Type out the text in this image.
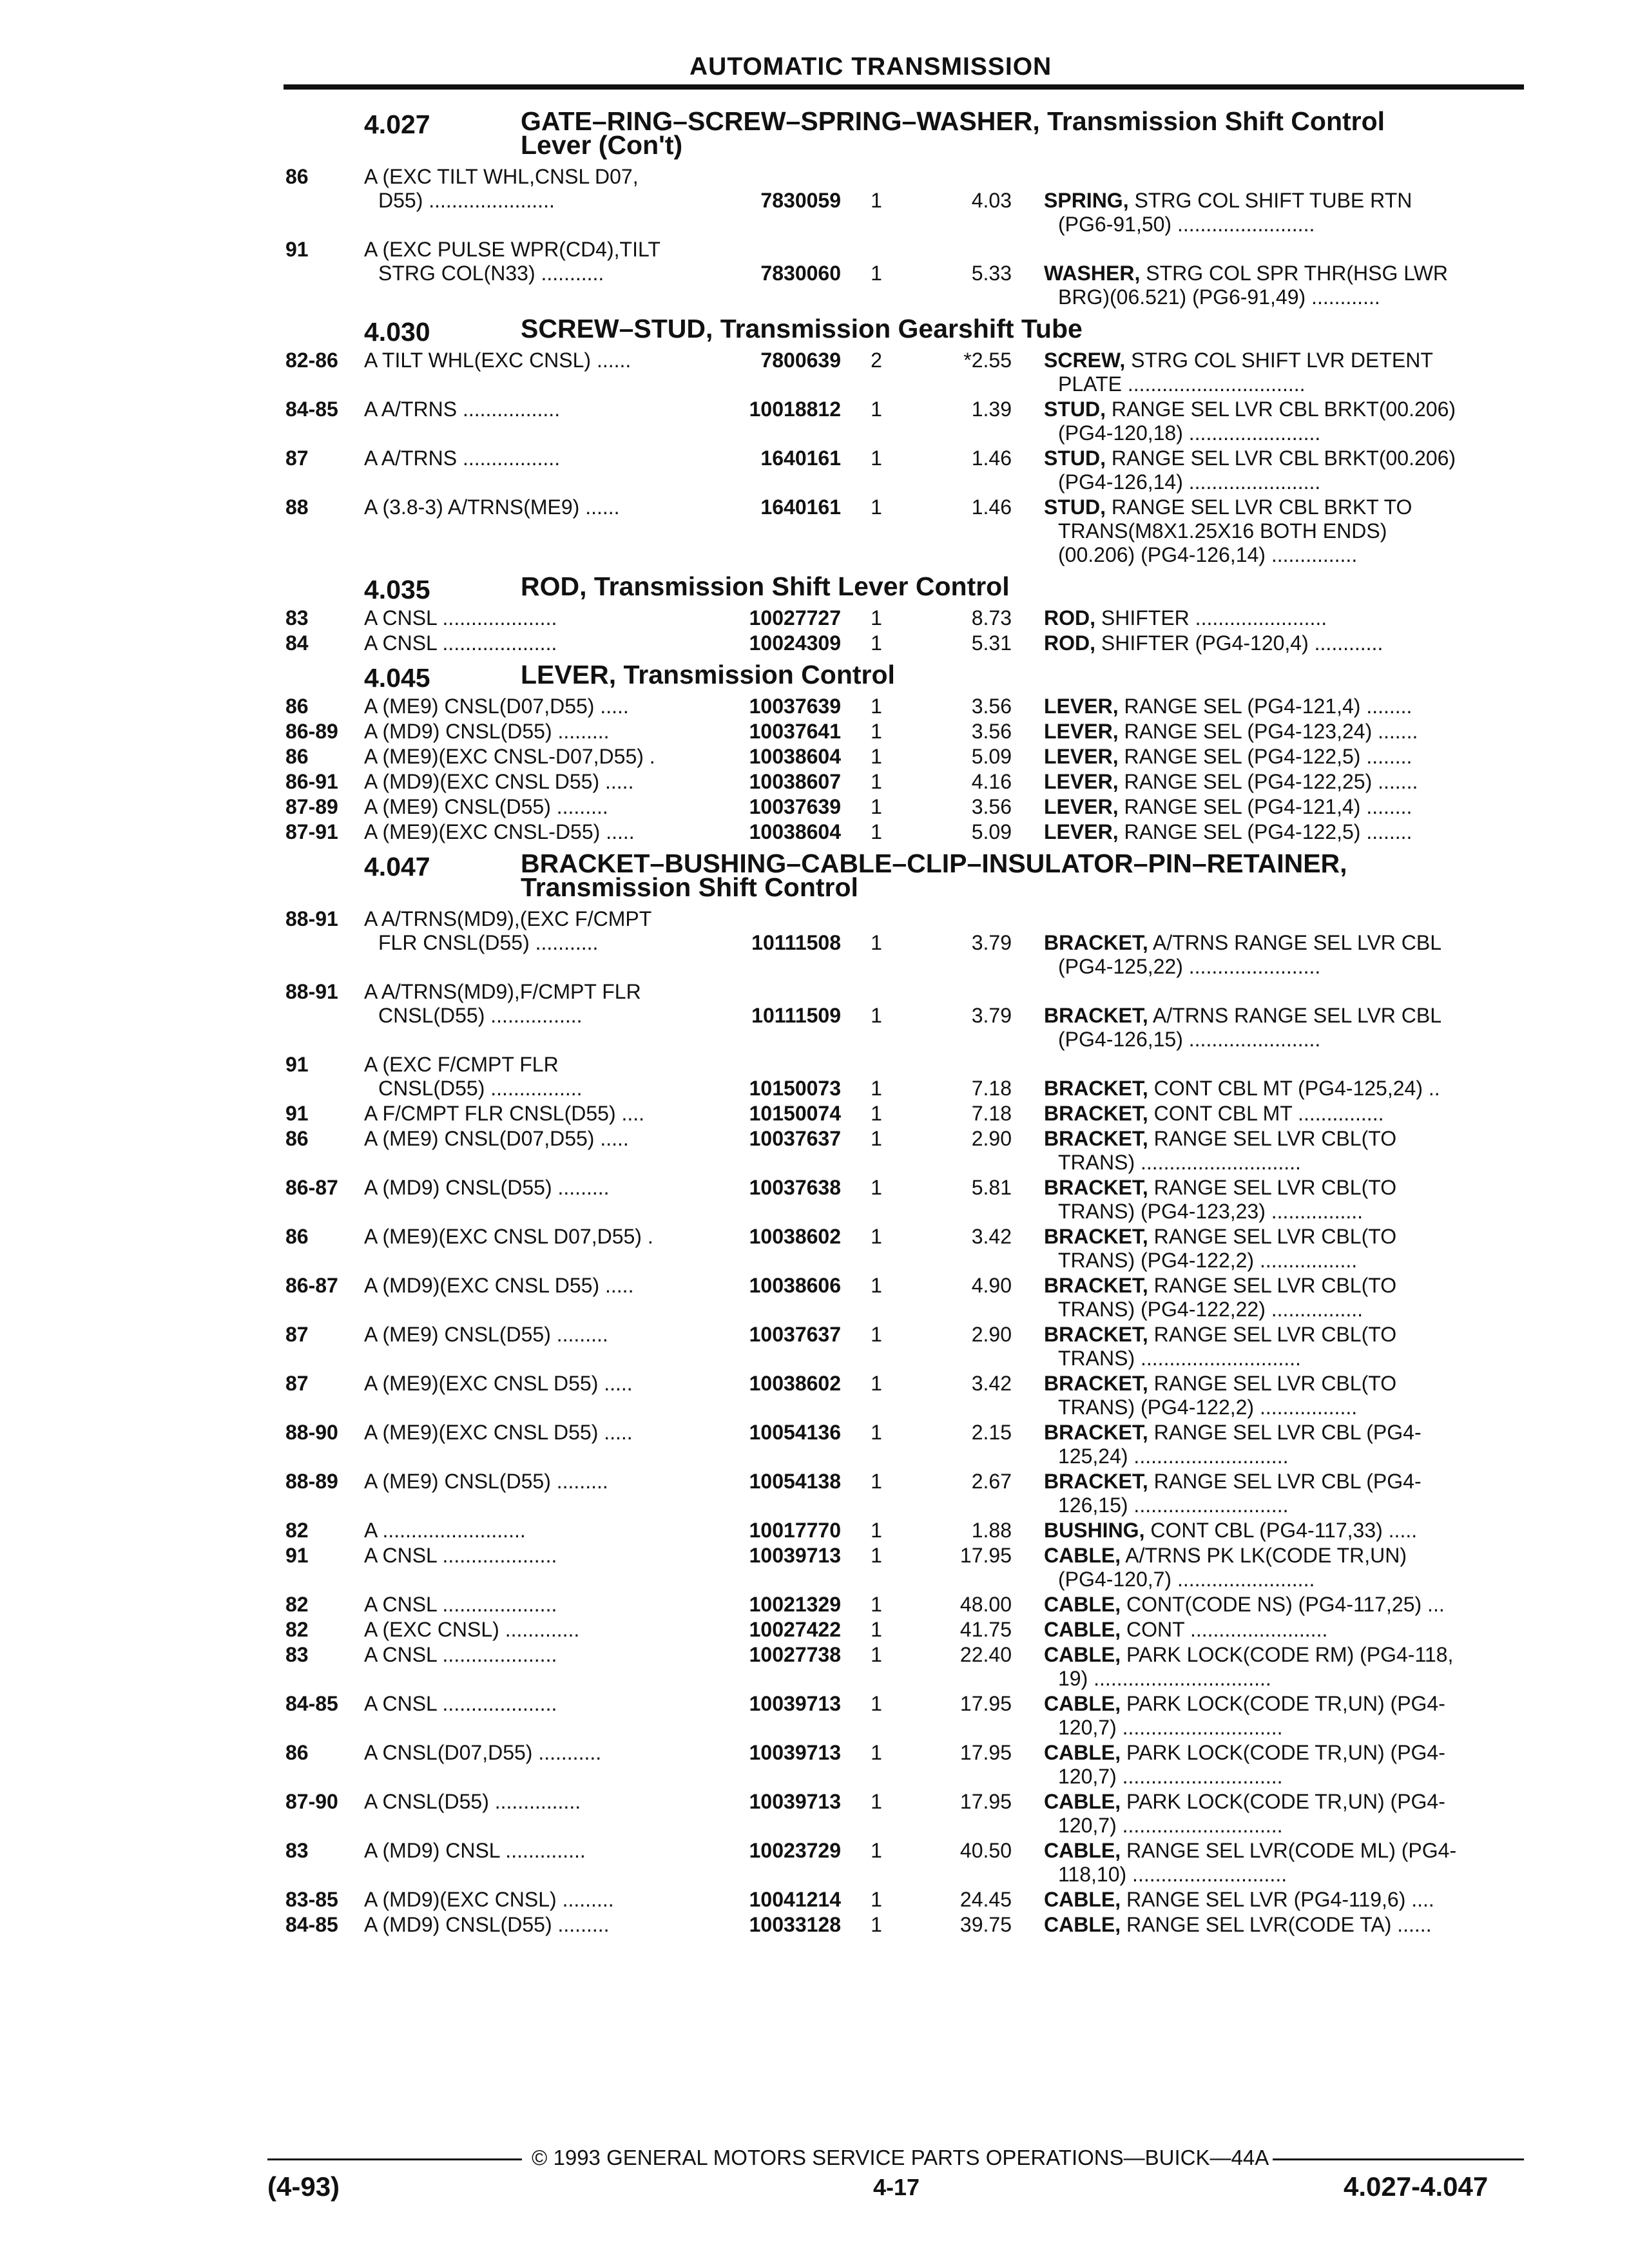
AUTOMATIC TRANSMISSION
4.027	GATE–RING–SCREW–SPRING–WASHER, Transmission Shift Control
Lever (Con't)
86	A (EXC TILT WHL,CNSL D07,
D55) ......................	7830059	1	4.03 SPRING, STRG COL SHIFT TUBE RTN
(PG6-91,50) ........................
91	A (EXC PULSE WPR(CD4),TILT
STRG COL(N33) ...........	7830060	1	5.33 WASHER, STRG COL SPR THR(HSG LWR
BRG)(06.521) (PG6-91,49) ............
4.030	SCREW–STUD, Transmission Gearshift Tube
82-86 A TILT WHL(EXC CNSL) ......	7800639	2	*2.55 SCREW, STRG COL SHIFT LVR DETENT
PLATE ...............................
84-85 A A/TRNS .................	10018812	1	1.39 STUD, RANGE SEL LVR CBL BRKT(00.206)
(PG4-120,18) .......................
87	A A/TRNS .................	1640161	1	1.46 STUD, RANGE SEL LVR CBL BRKT(00.206)
(PG4-126,14) .......................
88	A (3.8-3) A/TRNS(ME9) ......	1640161	1	1.46 STUD, RANGE SEL LVR CBL BRKT TO
TRANS(M8X1.25X16 BOTH ENDS)
(00.206) (PG4-126,14) ...............
4.035	ROD, Transmission Shift Lever Control
83	A CNSL ....................	10027727	1	8.73 ROD, SHIFTER .......................
84	A CNSL ....................	10024309	1	5.31 ROD, SHIFTER (PG4-120,4) ............
4.045	LEVER, Transmission Control
86	A (ME9) CNSL(D07,D55) .....	10037639	1	3.56 LEVER, RANGE SEL (PG4-121,4) ........
86-89 A (MD9) CNSL(D55) .........	10037641	1	3.56 LEVER, RANGE SEL (PG4-123,24) .......
86	A (ME9)(EXC CNSL-D07,D55) .	10038604	1	5.09 LEVER, RANGE SEL (PG4-122,5) ........
86-91 A (MD9)(EXC CNSL D55) .....	10038607	1	4.16 LEVER, RANGE SEL (PG4-122,25) .......
87-89 A (ME9) CNSL(D55) .........	10037639	1	3.56 LEVER, RANGE SEL (PG4-121,4) ........
87-91 A (ME9)(EXC CNSL-D55) .....	10038604	1	5.09 LEVER, RANGE SEL (PG4-122,5) ........
4.047	BRACKET–BUSHING–CABLE–CLIP–INSULATOR–PIN–RETAINER,
Transmission Shift Control
88-91 A A/TRNS(MD9),(EXC F/CMPT
FLR CNSL(D55) ...........	10111508	1	3.79 BRACKET, A/TRNS RANGE SEL LVR CBL
(PG4-125,22) .......................
88-91 A A/TRNS(MD9),F/CMPT FLR
CNSL(D55) ................	10111509	1	3.79 BRACKET, A/TRNS RANGE SEL LVR CBL
(PG4-126,15) .......................
91	A (EXC F/CMPT FLR
CNSL(D55) ................	10150073	1	7.18 BRACKET, CONT CBL MT (PG4-125,24) ..
91	A F/CMPT FLR CNSL(D55) ....	10150074	1	7.18 BRACKET, CONT CBL MT ...............
86	A (ME9) CNSL(D07,D55) .....	10037637	1	2.90 BRACKET, RANGE SEL LVR CBL(TO
TRANS) ............................
86-87 A (MD9) CNSL(D55) .........	10037638	1	5.81 BRACKET, RANGE SEL LVR CBL(TO
TRANS) (PG4-123,23) ................
86	A (ME9)(EXC CNSL D07,D55) .	10038602	1	3.42 BRACKET, RANGE SEL LVR CBL(TO
TRANS) (PG4-122,2) .................
86-87 A (MD9)(EXC CNSL D55) .....	10038606	1	4.90 BRACKET, RANGE SEL LVR CBL(TO
TRANS) (PG4-122,22) ................
87	A (ME9) CNSL(D55) .........	10037637	1	2.90 BRACKET, RANGE SEL LVR CBL(TO
TRANS) ............................
87	A (ME9)(EXC CNSL D55) .....	10038602	1	3.42 BRACKET, RANGE SEL LVR CBL(TO
TRANS) (PG4-122,2) .................
88-90 A (ME9)(EXC CNSL D55) .....	10054136	1	2.15 BRACKET, RANGE SEL LVR CBL (PG4-
125,24) ...........................
88-89 A (ME9) CNSL(D55) .........	10054138	1	2.67 BRACKET, RANGE SEL LVR CBL (PG4-
126,15) ...........................
82	A .........................	10017770	1	1.88 BUSHING, CONT CBL (PG4-117,33) .....
91	A CNSL ....................	10039713	1	17.95 CABLE, A/TRNS PK LK(CODE TR,UN)
(PG4-120,7) ........................
82	A CNSL ....................	10021329	1	48.00 CABLE, CONT(CODE NS) (PG4-117,25) ...
82	A (EXC CNSL) .............	10027422	1	41.75 CABLE, CONT ........................
83	A CNSL ....................	10027738	1	22.40 CABLE, PARK LOCK(CODE RM) (PG4-118,
19) ...............................
84-85 A CNSL ....................	10039713	1	17.95 CABLE, PARK LOCK(CODE TR,UN) (PG4-
120,7) ............................
86	A CNSL(D07,D55) ...........	10039713	1	17.95 CABLE, PARK LOCK(CODE TR,UN) (PG4-
120,7) ............................
87-90 A CNSL(D55) ...............	10039713	1	17.95 CABLE, PARK LOCK(CODE TR,UN) (PG4-
120,7) ............................
83	A (MD9) CNSL ..............	10023729	1	40.50 CABLE, RANGE SEL LVR(CODE ML) (PG4-
118,10) ...........................
83-85 A (MD9)(EXC CNSL) .........	10041214	1	24.45 CABLE, RANGE SEL LVR (PG4-119,6) ....
84-85 A (MD9) CNSL(D55) .........	10033128	1	39.75 CABLE, RANGE SEL LVR(CODE TA) ......
© 1993 GENERAL MOTORS SERVICE PARTS OPERATIONS—BUICK—44A
(4-93)	4-17	4.027-4.047
